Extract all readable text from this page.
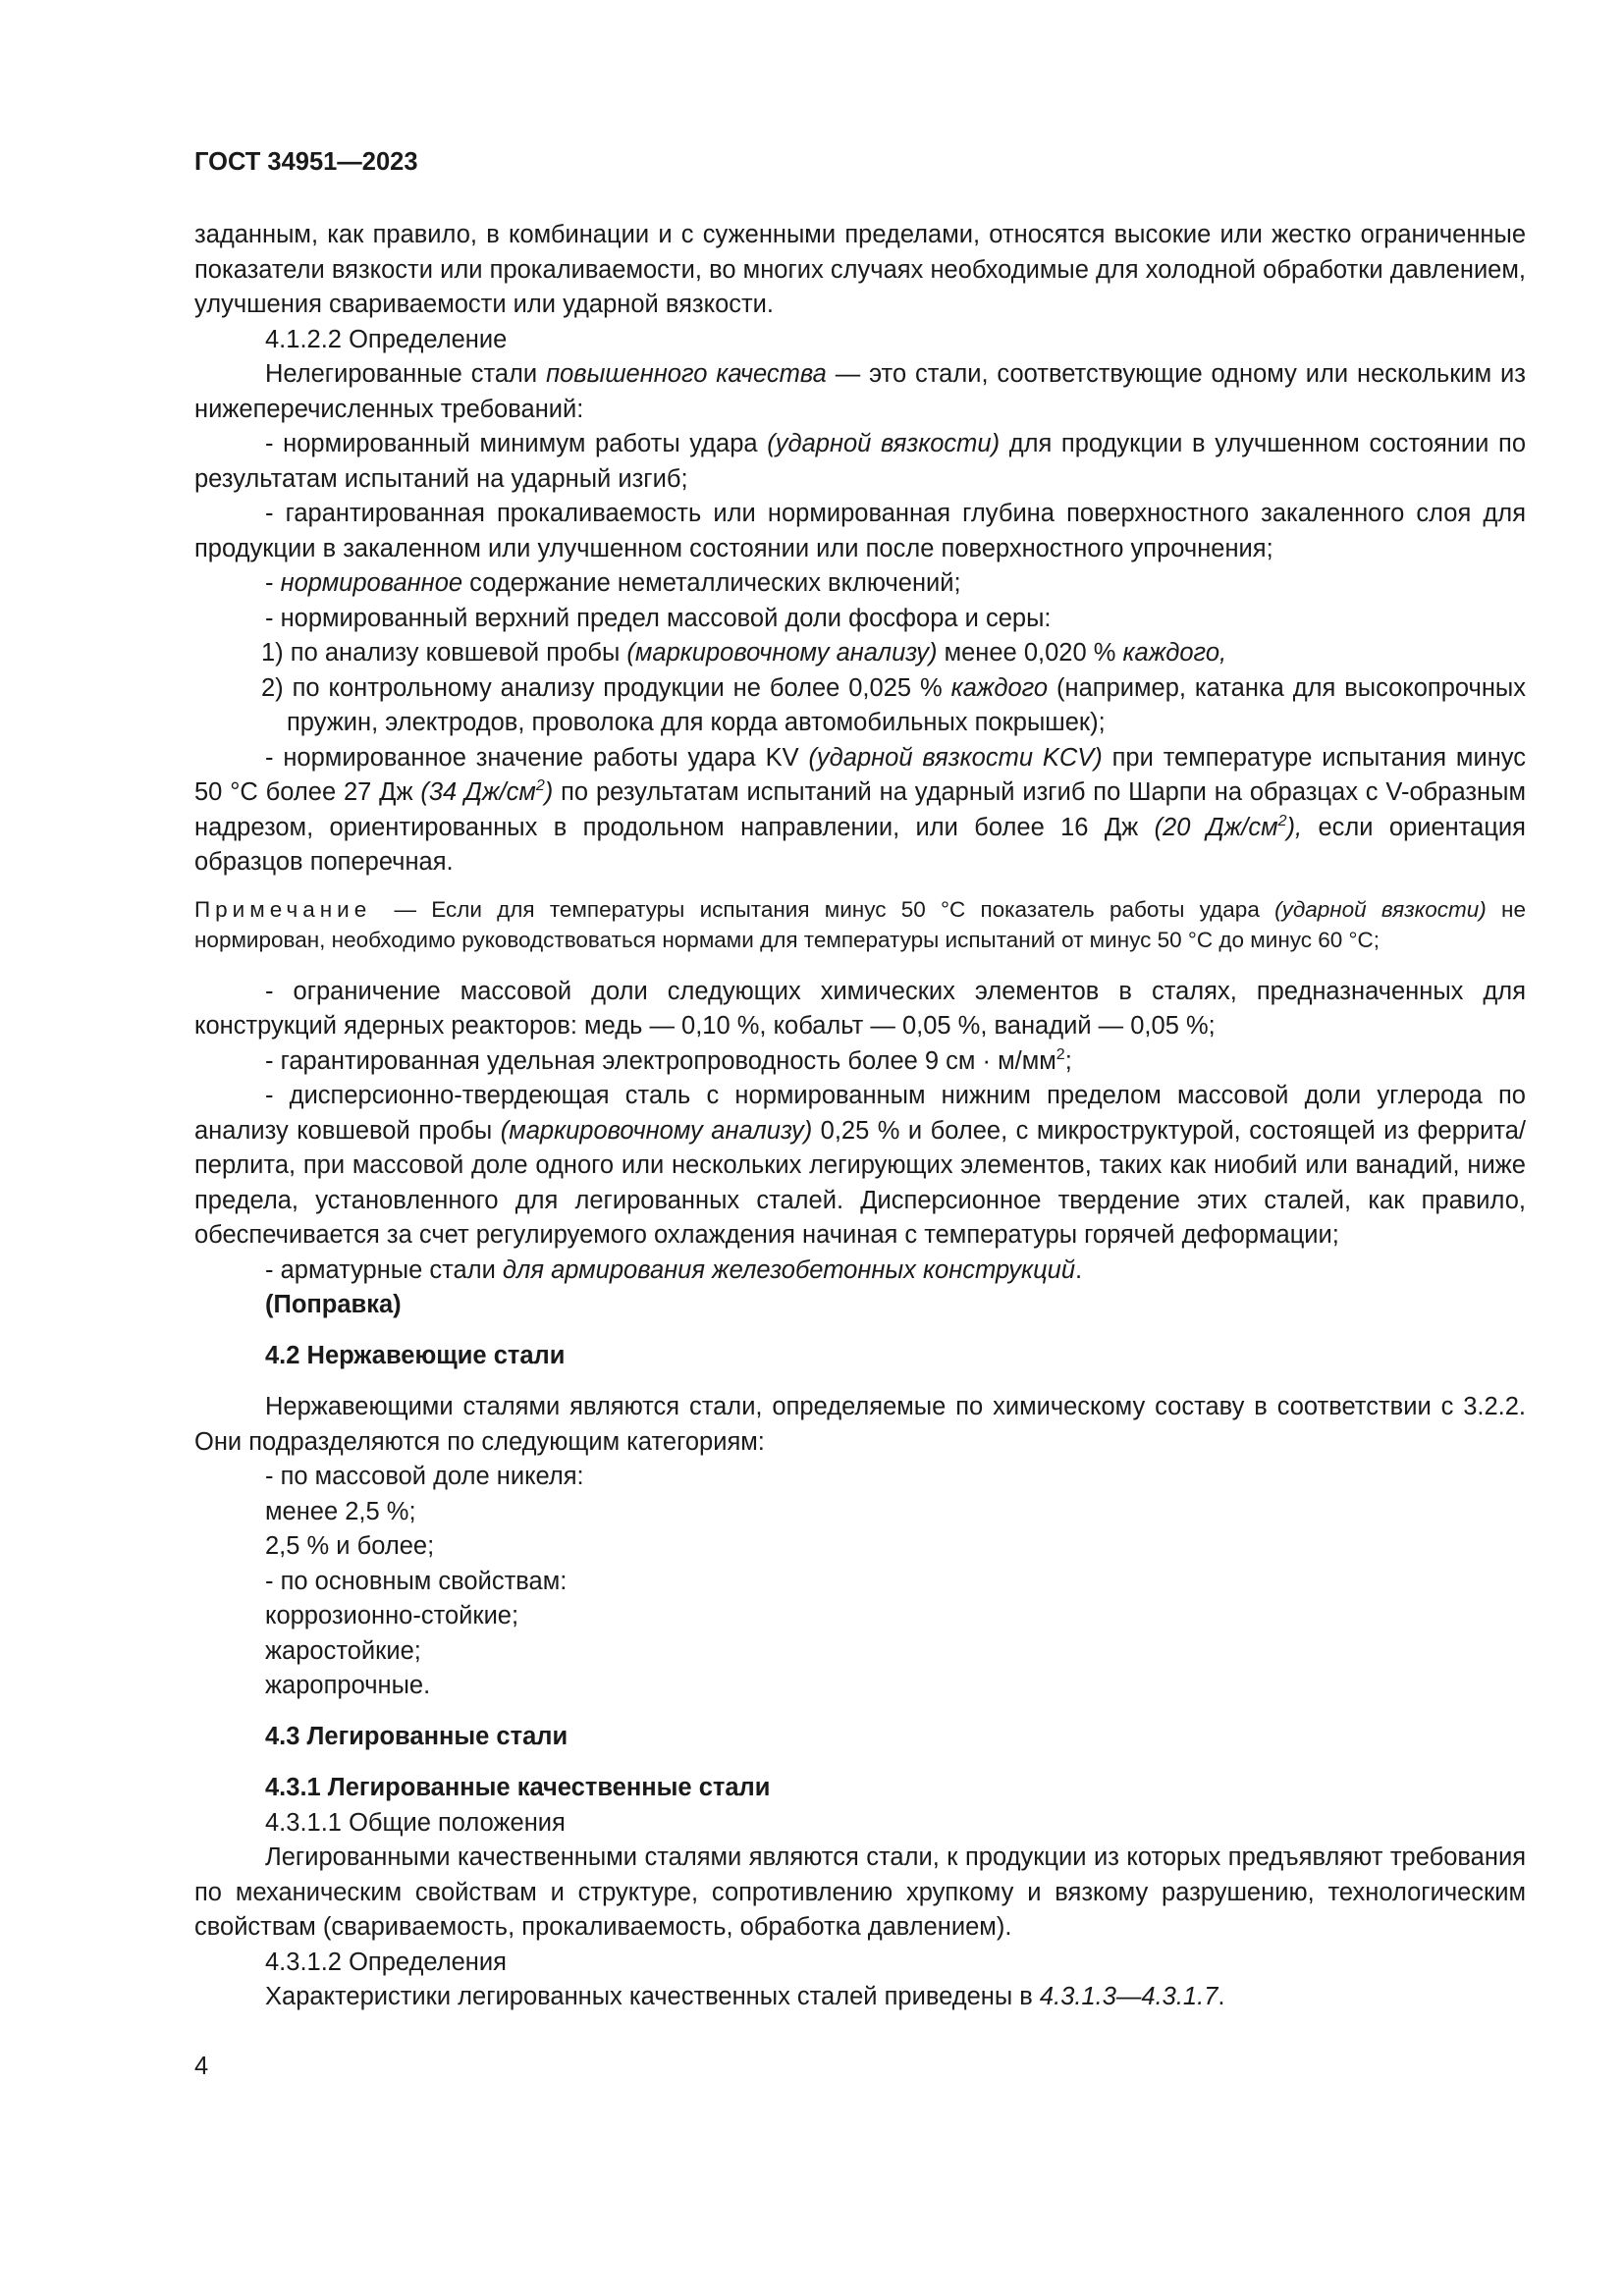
ГОСТ 34951—2023

заданным, как правило, в комбинации и с суженными пределами, относятся высокие или жестко ограниченные показатели вязкости или прокаливаемости, во многих случаях необходимые для холодной обработки давлением, улучшения свариваемости или ударной вязкости.

4.1.2.2 Определение

Нелегированные стали повышенного качества — это стали, соответствующие одному или нескольким из нижеперечисленных требований:

- нормированный минимум работы удара (ударной вязкости) для продукции в улучшенном состоянии по результатам испытаний на ударный изгиб;

- гарантированная прокаливаемость или нормированная глубина поверхностного закаленного слоя для продукции в закаленном или улучшенном состоянии или после поверхностного упрочнения;

- нормированное содержание неметаллических включений;

- нормированный верхний предел массовой доли фосфора и серы:

1) по анализу ковшевой пробы (маркировочному анализу) менее 0,020 % каждого,

2) по контрольному анализу продукции не более 0,025 % каждого (например, катанка для высокопрочных пружин, электродов, проволока для корда автомобильных покрышек);

- нормированное значение работы удара KV (ударной вязкости KCV) при температуре испытания минус 50 °С более 27 Дж (34 $Дж/см^2$) по результатам испытаний на ударный изгиб по Шарпи на образцах с V-образным надрезом, ориентированных в продольном направлении, или более 16 Дж (20 $Дж/см^2$), если ориентация образцов поперечная.

Примечание — Если для температуры испытания минус 50 °С показатель работы удара (ударной вязкости) не нормирован, необходимо руководствоваться нормами для температуры испытаний от минус 50 °С до минус 60 °С;

- ограничение массовой доли следующих химических элементов в сталях, предназначенных для конструкций ядерных реакторов: медь — 0,10 %, кобальт — 0,05 %, ванадий — 0,05 %;

- гарантированная удельная электропроводность более 9 см · $м/мм^2$;

- дисперсионно-твердеющая сталь с нормированным нижним пределом массовой доли углерода по анализу ковшевой пробы (маркировочному анализу) 0,25 % и более, с микроструктурой, состоящей из феррита/перлита, при массовой доле одного или нескольких легирующих элементов, таких как ниобий или ванадий, ниже предела, установленного для легированных сталей. Дисперсионное твердение этих сталей, как правило, обеспечивается за счет регулируемого охлаждения начиная с температуры горячей деформации;

- арматурные стали для армирования железобетонных конструкций.

(Поправка)

4.2 Нержавеющие стали

Нержавеющими сталями являются стали, определяемые по химическому составу в соответствии с 3.2.2. Они подразделяются по следующим категориям:

- по массовой доле никеля:

менее 2,5 %;

2,5 % и более;

- по основным свойствам:

коррозионно-стойкие;

жаростойкие;

жаропрочные.

4.3 Легированные стали

4.3.1 Легированные качественные стали

4.3.1.1 Общие положения

Легированными качественными сталями являются стали, к продукции из которых предъявляют требования по механическим свойствам и структуре, сопротивлению хрупкому и вязкому разрушению, технологическим свойствам (свариваемость, прокаливаемость, обработка давлением).

4.3.1.2 Определения

Характеристики легированных качественных сталей приведены в 4.3.1.3—4.3.1.7.

4
